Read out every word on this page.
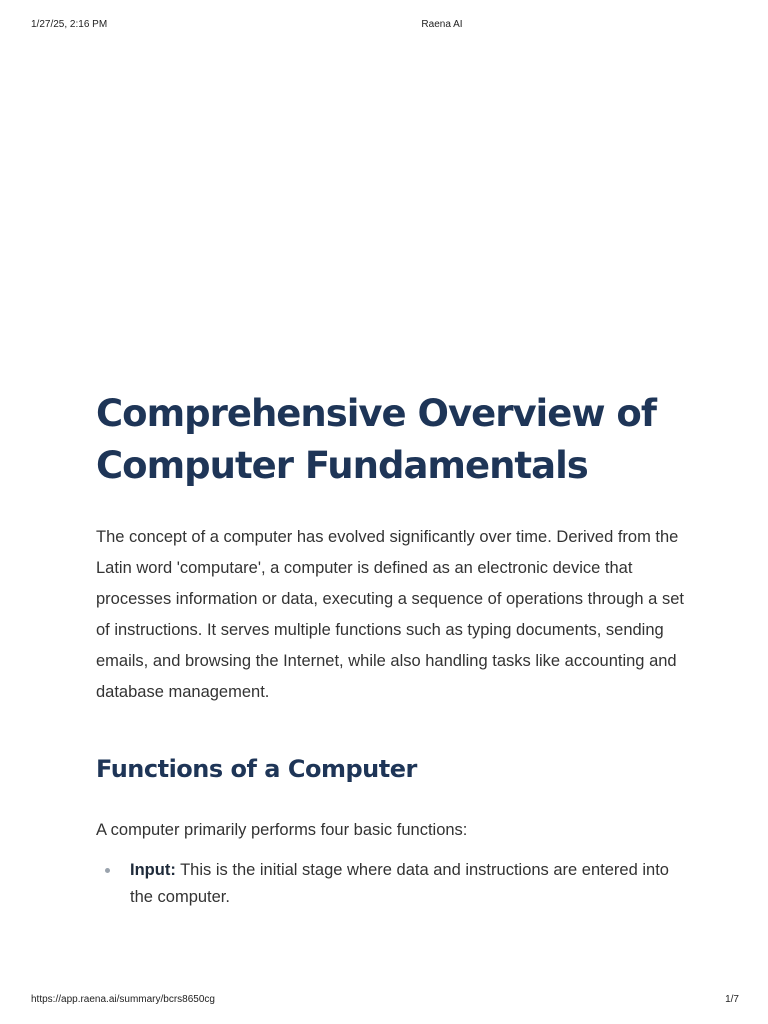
1/27/25, 2:16 PM	Raena AI
Comprehensive Overview of Computer Fundamentals

The concept of a computer has evolved significantly over time. Derived from the Latin word 'computare', a computer is defined as an electronic device that processes information or data, executing a sequence of operations through a set of instructions. It serves multiple functions such as typing documents, sending emails, and browsing the Internet, while also handling tasks like accounting and database management.

Functions of a Computer

A computer primarily performs four basic functions:

Input: This is the initial stage where data and instructions are entered into the computer.
https://app.raena.ai/summary/bcrs8650cg	1/7
